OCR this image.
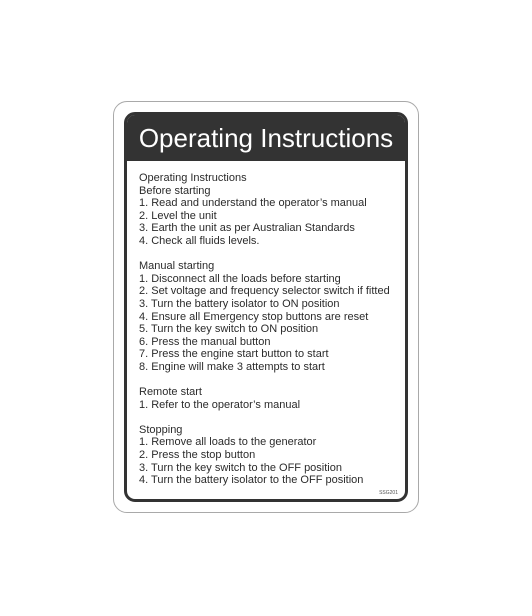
Operating Instructions
Operating Instructions
Before starting
1. Read and understand the operator’s manual
2. Level the unit
3. Earth the unit as per Australian Standards
4. Check all fluids levels.
Manual starting
1. Disconnect all the loads before starting
2. Set voltage and frequency selector switch if fitted
3. Turn the battery isolator to ON position
4. Ensure all Emergency stop buttons are reset
5. Turn the key switch to ON position
6. Press the manual button
7. Press the engine start button to start
8. Engine will make 3 attempts to start
Remote start
1. Refer to the operator’s manual
Stopping
1. Remove all loads to the generator
2. Press the stop button
3. Turn the key switch to the OFF position
4. Turn the battery isolator to the OFF position
SSG201
